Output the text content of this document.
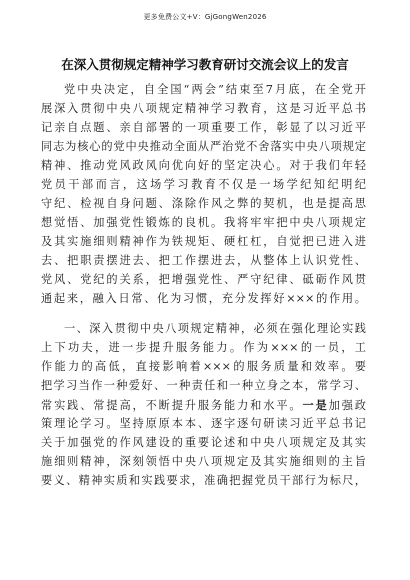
更多免费公文+V：GjGongWen2026
在深入贯彻规定精神学习教育研讨交流会议上的发言
党中央决定，自全国“两会”结束至7月底，在全党开
展深入贯彻中央八项规定精神学习教育，这是习近平总书
记亲自点题、亲自部署的一项重要工作，彰显了以习近平
同志为核心的党中央推动全面从严治党不舍落实中央八项规定
精神、推动党风政风向优向好的坚定决心。对于我们年轻
党员干部而言，这场学习教育不仅是一场学纪知纪明纪
守纪、检视自身问题、涤除作风之弊的契机，也是提高思
想觉悟、加强党性锻炼的良机。我将牢牢把中央八项规定
及其实施细则精神作为铁规矩、硬杠杠，自觉把已进入进
去、把职责摆进去、把工作摆进去，从整体上认识党性、
党风、党纪的关系，把增强党性、严守纪律、砥砺作风贯
通起来，融入日常、化为习惯，充分发挥好×××的作用。
一、深入贯彻中央八项规定精神，必须在强化理论实践
上下功夫，进一步提升服务能力。作为×××的一员，工
作能力的高低，直接影响着×××的服务质量和效率。要
把学习当作一种爱好、一种责任和一种立身之本，常学习、
常实践、常提高，不断提升服务能力和水平。一是加强政
策理论学习。坚持原原本本、逐字逐句研读习近平总书记
关于加强党的作风建设的重要论述和中央八项规定及其实
施细则精神，深刻领悟中央八项规定及其实施细则的主旨
要义、精神实质和实践要求，准确把握党员干部行为标尺，
